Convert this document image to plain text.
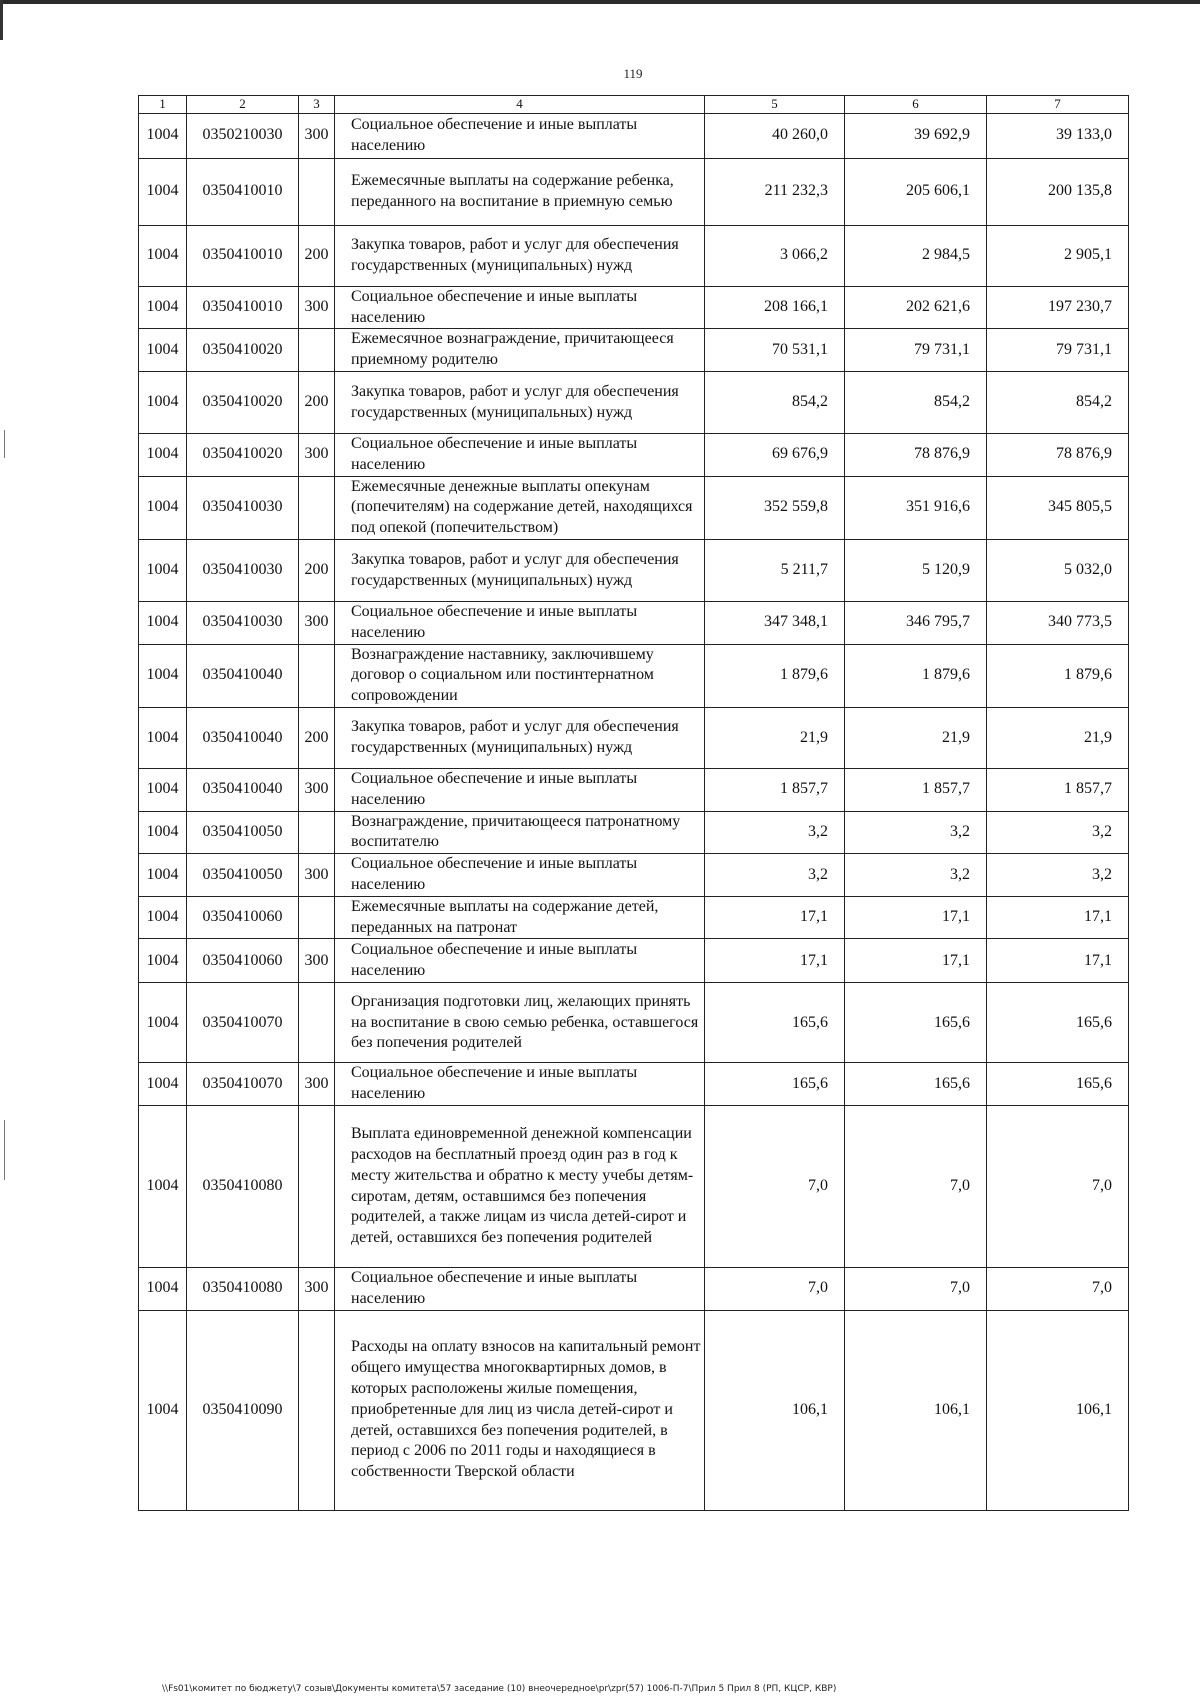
119
1	2	3	4	5	6	7
1004	0350210030	300	Социальное обеспечение и иные выплаты населению	40 260,0	39 692,9	39 133,0
1004	0350410010		Ежемесячные выплаты на содержание ребенка, переданного на воспитание в приемную семью	211 232,3	205 606,1	200 135,8
1004	0350410010	200	Закупка товаров, работ и услуг для обеспечения государственных (муниципальных) нужд	3 066,2	2 984,5	2 905,1
1004	0350410010	300	Социальное обеспечение и иные выплаты населению	208 166,1	202 621,6	197 230,7
1004	0350410020		Ежемесячное вознаграждение, причитающееся приемному родителю	70 531,1	79 731,1	79 731,1
1004	0350410020	200	Закупка товаров, работ и услуг для обеспечения государственных (муниципальных) нужд	854,2	854,2	854,2
1004	0350410020	300	Социальное обеспечение и иные выплаты населению	69 676,9	78 876,9	78 876,9
1004	0350410030		Ежемесячные денежные выплаты опекунам (попечителям) на содержание детей, находящихся под опекой (попечительством)	352 559,8	351 916,6	345 805,5
1004	0350410030	200	Закупка товаров, работ и услуг для обеспечения государственных (муниципальных) нужд	5 211,7	5 120,9	5 032,0
1004	0350410030	300	Социальное обеспечение и иные выплаты населению	347 348,1	346 795,7	340 773,5
1004	0350410040		Вознаграждение наставнику, заключившему договор о социальном или постинтернатном сопровождении	1 879,6	1 879,6	1 879,6
1004	0350410040	200	Закупка товаров, работ и услуг для обеспечения государственных (муниципальных) нужд	21,9	21,9	21,9
1004	0350410040	300	Социальное обеспечение и иные выплаты населению	1 857,7	1 857,7	1 857,7
1004	0350410050		Вознаграждение, причитающееся патронатному воспитателю	3,2	3,2	3,2
1004	0350410050	300	Социальное обеспечение и иные выплаты населению	3,2	3,2	3,2
1004	0350410060		Ежемесячные выплаты на содержание детей, переданных на патронат	17,1	17,1	17,1
1004	0350410060	300	Социальное обеспечение и иные выплаты населению	17,1	17,1	17,1
1004	0350410070		Организация подготовки лиц, желающих принять на воспитание в свою семью ребенка, оставшегося без попечения родителей	165,6	165,6	165,6
1004	0350410070	300	Социальное обеспечение и иные выплаты населению	165,6	165,6	165,6
1004	0350410080		Выплата единовременной денежной компенсации расходов на бесплатный проезд один раз в год к месту жительства и обратно к месту учебы детям-сиротам, детям, оставшимся без попечения родителей, а также лицам из числа детей-сирот и детей, оставшихся без попечения родителей	7,0	7,0	7,0
1004	0350410080	300	Социальное обеспечение и иные выплаты населению	7,0	7,0	7,0
1004	0350410090		Расходы на оплату взносов на капитальный ремонт общего имущества многоквартирных домов, в которых расположены жилые помещения, приобретенные для лиц из числа детей-сирот и детей, оставшихся без попечения родителей, в период с 2006 по 2011 годы и находящиеся в собственности Тверской области	106,1	106,1	106,1
\\Fs01\комитет по бюджету\7 созыв\Документы комитета\57 заседание (10) внеочередное\pr\zpr(57) 1006-П-7\Прил 5 Прил 8 (РП, КЦСР, КВР)
